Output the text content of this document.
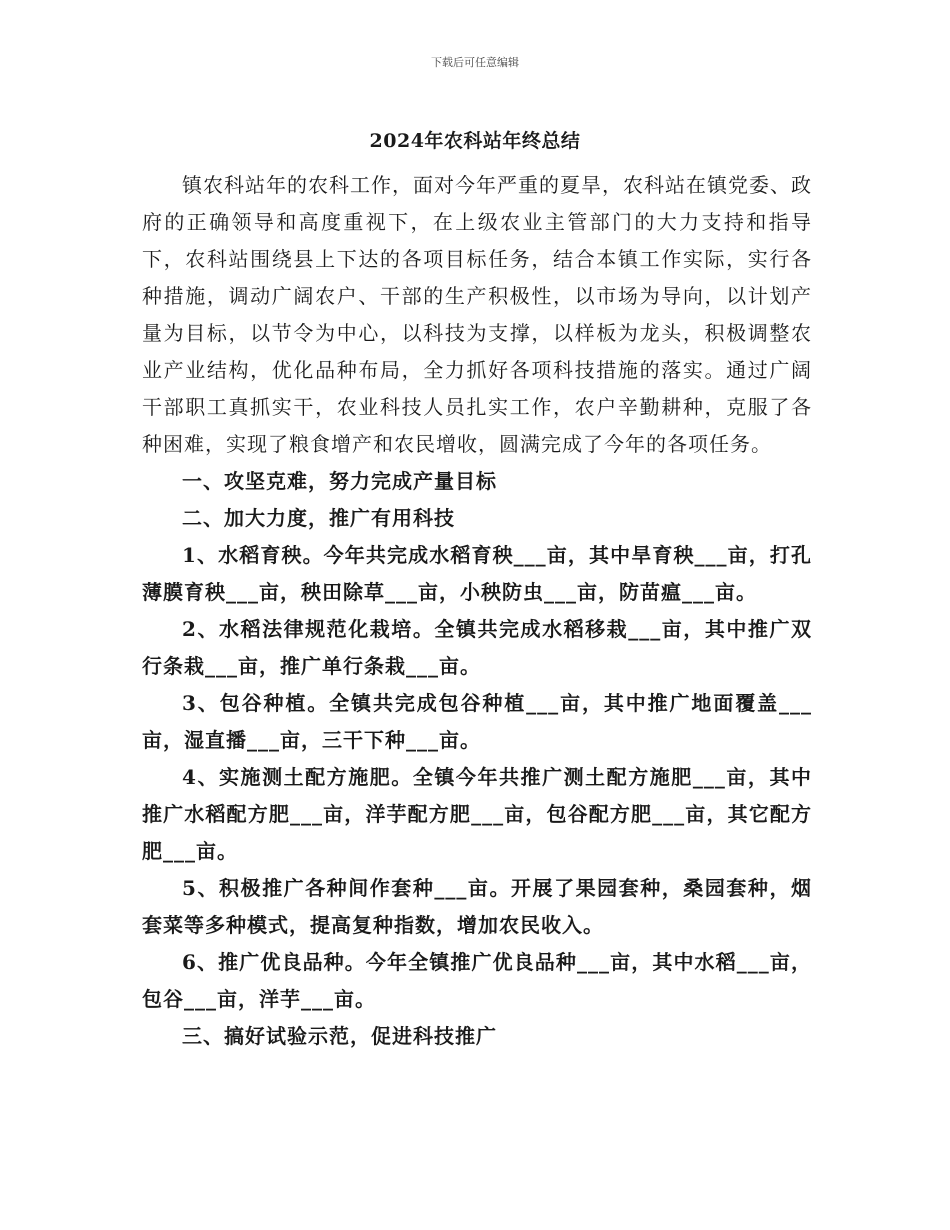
下载后可任意编辑
2024年农科站年终总结

镇农科站年的农科工作，面对今年严重的夏旱，农科站在镇党委、政府的正确领导和高度重视下，在上级农业主管部门的大力支持和指导下，农科站围绕县上下达的各项目标任务，结合本镇工作实际，实行各种措施，调动广阔农户、干部的生产积极性，以市场为导向，以计划产量为目标，以节令为中心，以科技为支撑，以样板为龙头，积极调整农业产业结构，优化品种布局，全力抓好各项科技措施的落实。通过广阔干部职工真抓实干，农业科技人员扎实工作，农户辛勤耕种，克服了各种困难，实现了粮食增产和农民增收，圆满完成了今年的各项任务。

一、攻坚克难，努力完成产量目标

二、加大力度，推广有用科技

1、水稻育秧。今年共完成水稻育秧___亩，其中旱育秧___亩，打孔薄膜育秧___亩，秧田除草___亩，小秧防虫___亩，防苗瘟___亩。

2、水稻法律规范化栽培。全镇共完成水稻移栽___亩，其中推广双行条栽___亩，推广单行条栽___亩。

3、包谷种植。全镇共完成包谷种植___亩，其中推广地面覆盖___亩，湿直播___亩，三干下种___亩。

4、实施测土配方施肥。全镇今年共推广测土配方施肥___亩，其中推广水稻配方肥___亩，洋芋配方肥___亩，包谷配方肥___亩，其它配方肥___亩。

5、积极推广各种间作套种___亩。开展了果园套种，桑园套种，烟套菜等多种模式，提高复种指数，增加农民收入。

6、推广优良品种。今年全镇推广优良品种___亩，其中水稻___亩，包谷___亩，洋芋___亩。

三、搞好试验示范，促进科技推广
